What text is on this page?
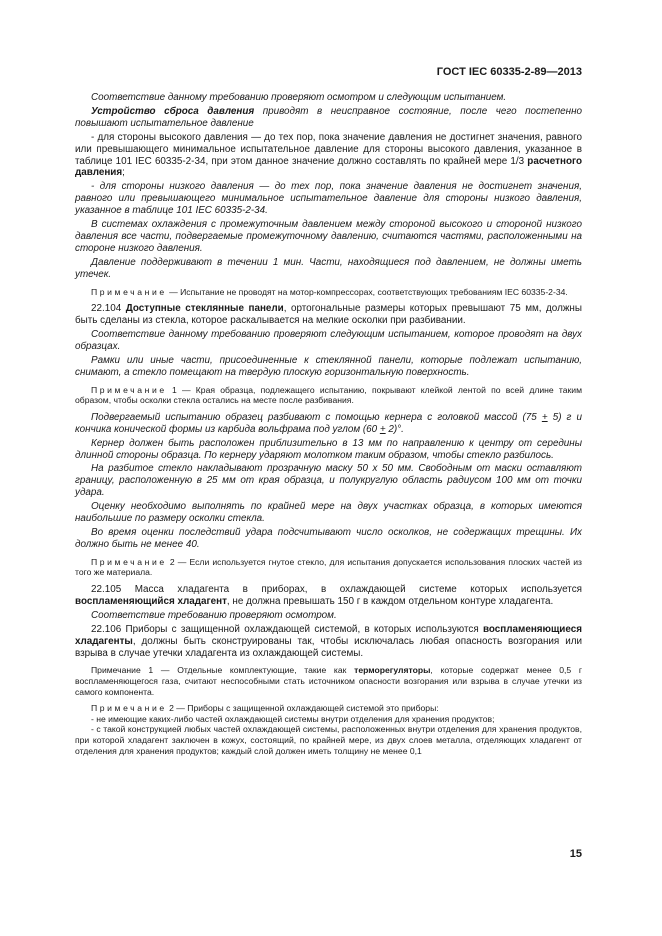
ГОСТ IEC 60335-2-89—2013

Соответствие данному требованию проверяют осмотром и следующим испытанием.

Устройство сброса давления приводят в неисправное состояние, после чего постепенно повышают испытательное давление

- для стороны высокого давления — до тех пор, пока значение давления не достигнет значения, равного или превышающего минимальное испытательное давление для стороны высокого давления, указанное в таблице 101 IEC 60335-2-34, при этом данное значение должно составлять по крайней мере 1/3 расчетного давления;

- для стороны низкого давления — до тех пор, пока значение давления не достигнет значения, равного или превышающего минимальное испытательное давление для стороны низкого давления, указанное в таблице 101 IEC 60335-2-34.

В системах охлаждения с промежуточным давлением между стороной высокого и стороной низкого давления все части, подвергаемые промежуточному давлению, считаются частями, расположенными на стороне низкого давления.

Давление поддерживают в течении 1 мин. Части, находящиеся под давлением, не должны иметь утечек.

Примечание — Испытание не проводят на мотор-компрессорах, соответствующих требованиям IEC 60335-2-34.

22.104 Доступные стеклянные панели, ортогональные размеры которых превышают 75 мм, должны быть сделаны из стекла, которое раскалывается на мелкие осколки при разбивании.

Соответствие данному требованию проверяют следующим испытанием, которое проводят на двух образцах.

Рамки или иные части, присоединенные к стеклянной панели, которые подлежат испытанию, снимают, а стекло помещают на твердую плоскую горизонтальную поверхность.

Примечание 1 — Края образца, подлежащего испытанию, покрывают клейкой лентой по всей длине таким образом, чтобы осколки стекла остались на месте после разбивания.

Подвергаемый испытанию образец разбивают с помощью кернера с головкой массой (75 + 5) г и кончика конической формы из карбида вольфрама под углом (60 + 2)°.

Кернер должен быть расположен приблизительно в 13 мм по направлению к центру от середины длинной стороны образца. По кернеру ударяют молотком таким образом, чтобы стекло разбилось.

На разбитое стекло накладывают прозрачную маску 50 х 50 мм. Свободным от маски оставляют границу, расположенную в 25 мм от края образца, и полукруглую область радиусом 100 мм от точки удара.

Оценку необходимо выполнять по крайней мере на двух участках образца, в которых имеются наибольшие по размеру осколки стекла.

Во время оценки последствий удара подсчитывают число осколков, не содержащих трещины. Их должно быть не менее 40.

Примечание 2 — Если используется гнутое стекло, для испытания допускается использования плоских частей из того же материала.

22.105 Масса хладагента в приборах, в охлаждающей системе которых используется воспламеняющийся хладагент, не должна превышать 150 г в каждом отдельном контуре хладагента.

Соответствие требованию проверяют осмотром.

22.106 Приборы с защищенной охлаждающей системой, в которых используются воспламеняющиеся хладагенты, должны быть сконструированы так, чтобы исключалась любая опасность возгорания или взрыва в случае утечки хладагента из охлаждающей системы.

Примечание 1 — Отдельные комплектующие, такие как терморегуляторы, которые содержат менее 0,5 г воспламеняющегося газа, считают неспособными стать источником опасности возгорания или взрыва в случае утечки из самого компонента.

Примечание 2 — Приборы с защищенной охлаждающей системой это приборы:

- не имеющие каких-либо частей охлаждающей системы внутри отделения для хранения продуктов;

- с такой конструкцией любых частей охлаждающей системы, расположенных внутри отделения для хранения продуктов, при которой хладагент заключен в кожух, состоящий, по крайней мере, из двух слоев металла, отделяющих хладагент от отделения для хранения продуктов; каждый слой должен иметь толщину не менее 0,1

15
